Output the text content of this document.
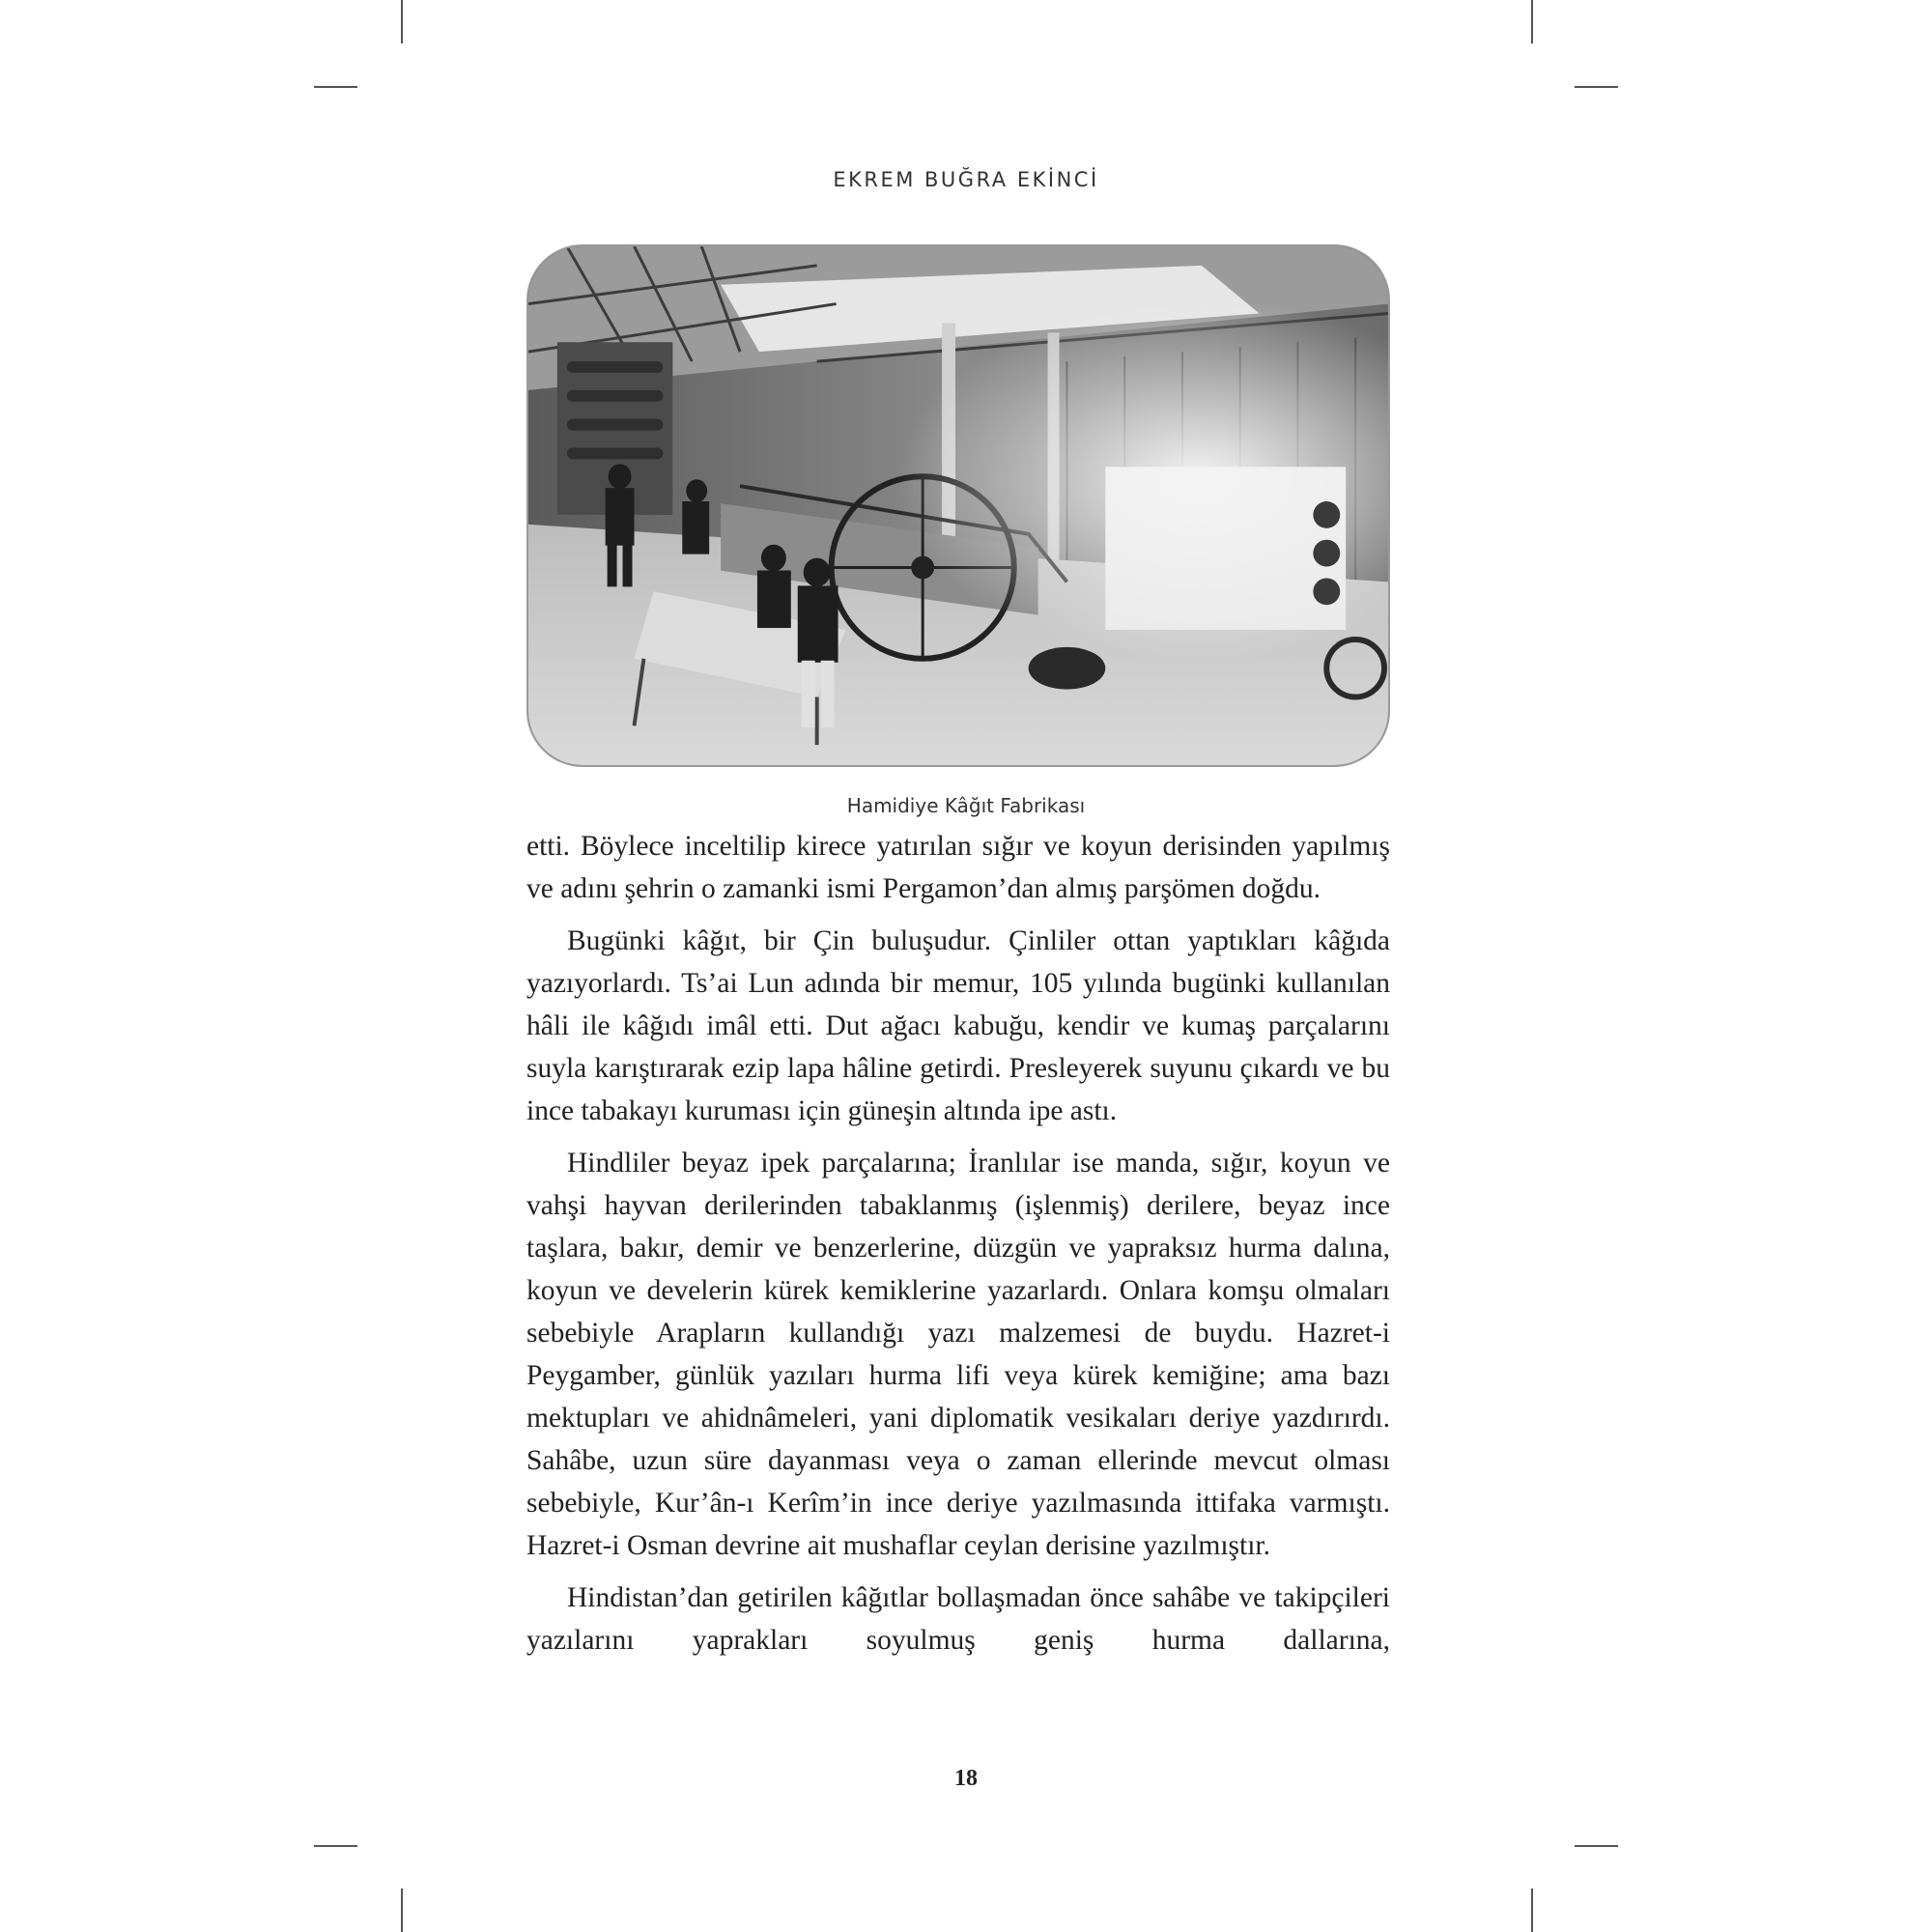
EKREM BUĞRA EKİNCİ
Hamidiye Kâğıt Fabrikası

etti. Böylece inceltilip kirece yatırılan sığır ve koyun derisinden yapılmış ve adını şehrin o zamanki ismi Pergamon’dan almış parşömen doğdu.

Bugünki kâğıt, bir Çin buluşudur. Çinliler ottan yaptıkları kâğıda yazıyorlardı. Ts’ai Lun adında bir memur, 105 yılında bugünki kullanılan hâli ile kâğıdı imâl etti. Dut ağacı kabuğu, kendir ve kumaş parçalarını suyla karıştırarak ezip lapa hâline getirdi. Presleyerek suyunu çıkardı ve bu ince tabakayı kuruması için güneşin altında ipe astı.

Hindliler beyaz ipek parçalarına; İranlılar ise manda, sığır, koyun ve vahşi hayvan derilerinden tabaklanmış (işlenmiş) derilere, beyaz ince taşlara, bakır, demir ve benzerlerine, düzgün ve yapraksız hurma dalına, koyun ve develerin kürek kemiklerine yazarlardı. Onlara komşu olmaları sebebiyle Arapların kullandığı yazı malzemesi de buydu. Hazret-i Peygamber, günlük yazıları hurma lifi veya kürek kemiğine; ama bazı mektupları ve ahidnâmeleri, yani diplomatik vesikaları deriye yazdırırdı. Sahâbe, uzun süre dayanması veya o zaman ellerinde mevcut olması sebebiyle, Kur’ân-ı Kerîm’in ince deriye yazılmasında ittifaka varmıştı. Hazret-i Osman devrine ait mushaflar ceylan derisine yazılmıştır.

Hindistan’dan getirilen kâğıtlar bollaşmadan önce sahâbe ve takipçileri yazılarını yaprakları soyulmuş geniş hurma dallarına,

18
